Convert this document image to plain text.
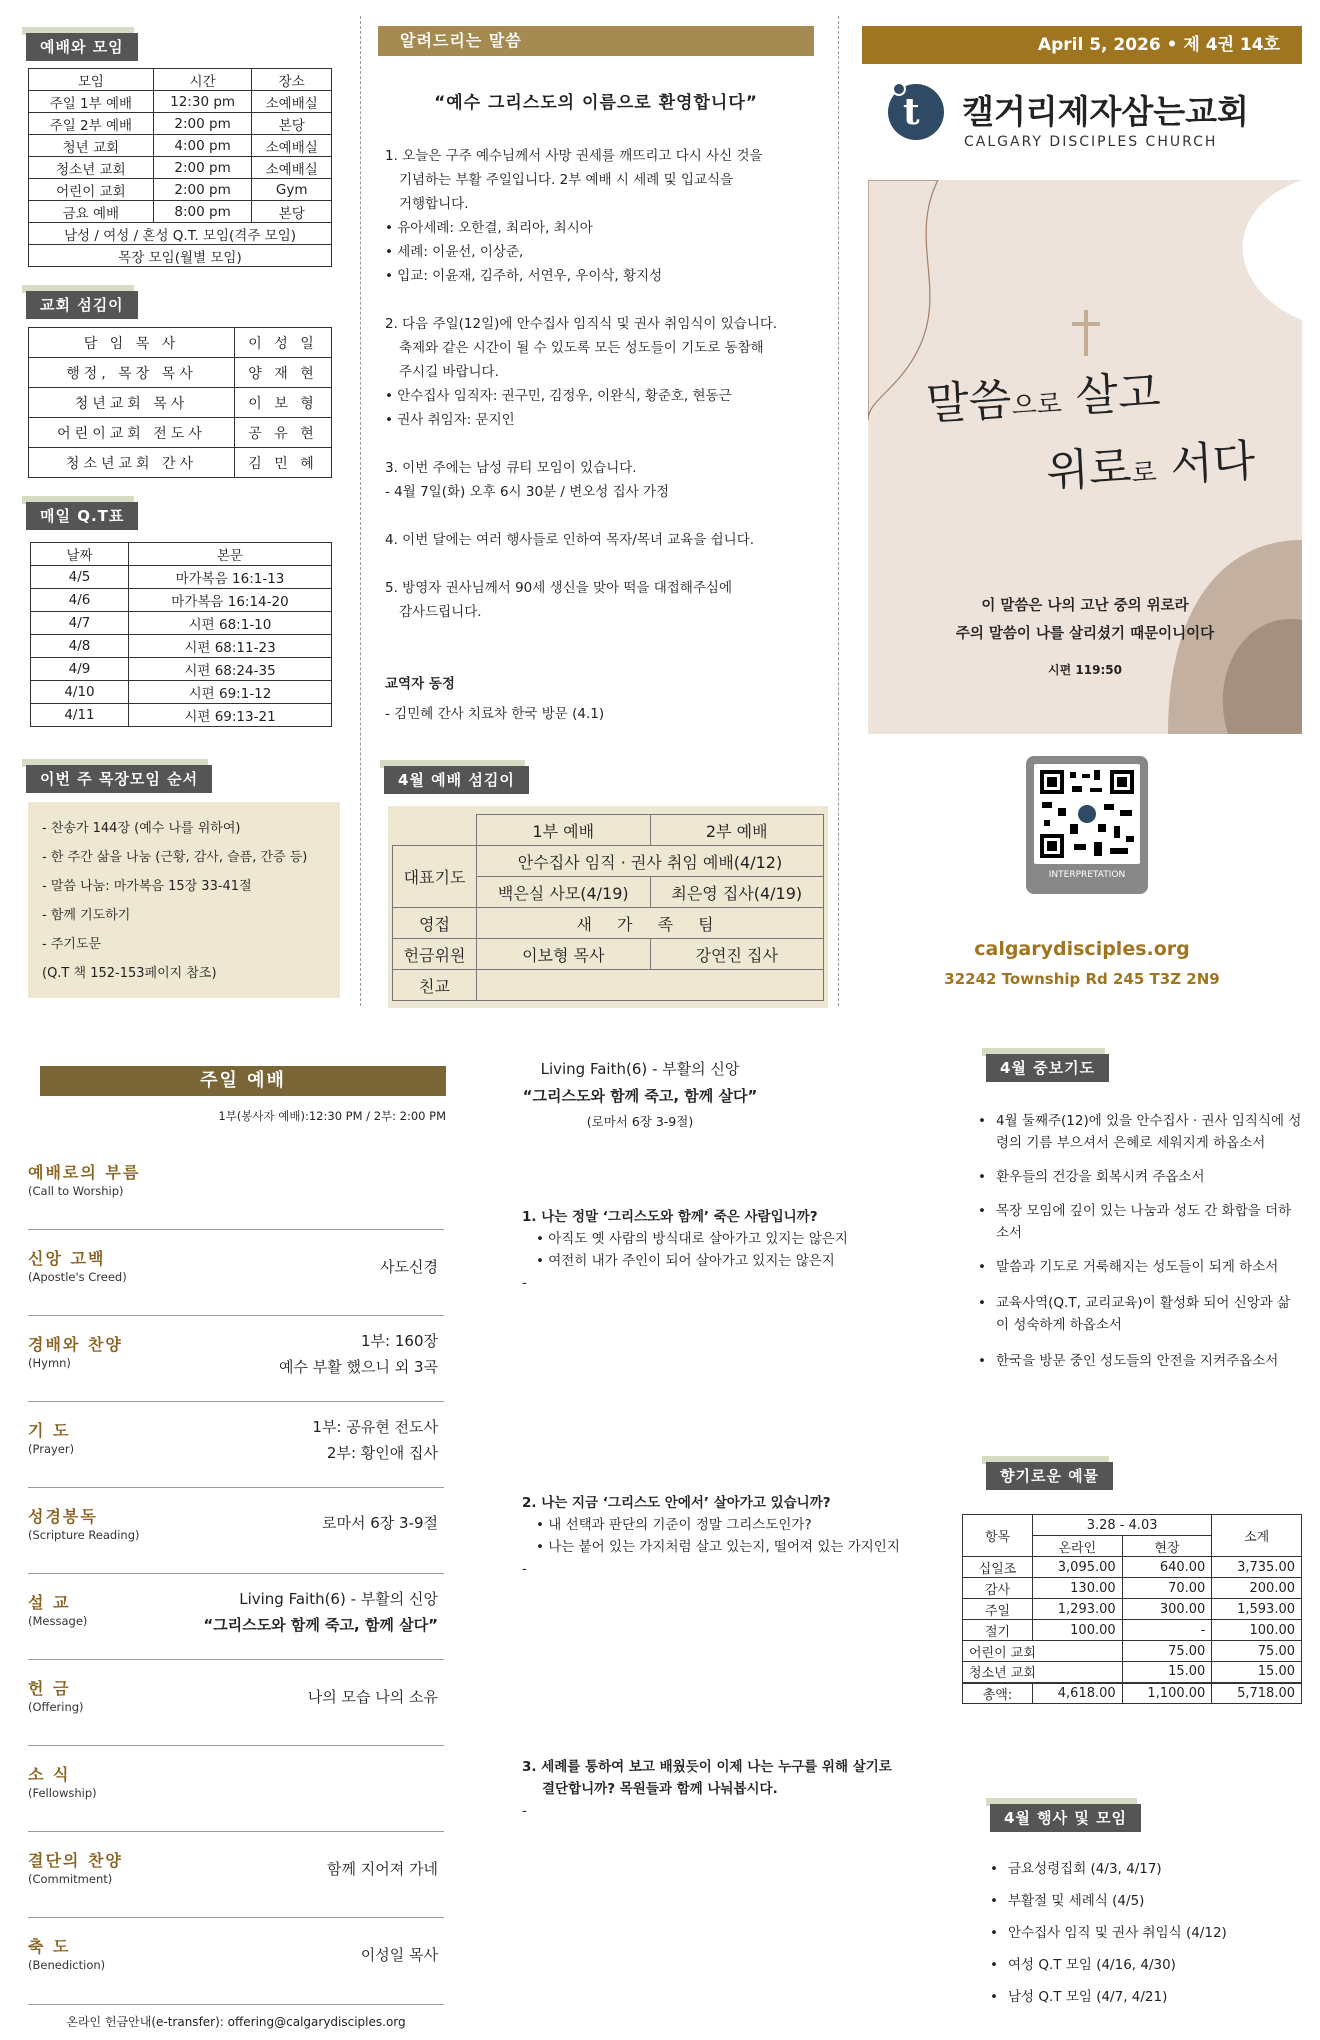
예배와 모임
모임	시간	장소
주일 1부 예배	12:30 pm	소예배실
주일 2부 예배	2:00 pm	본당
청년 교회	4:00 pm	소예배실
청소년 교회	2:00 pm	소예배실
어린이 교회	2:00 pm	Gym
금요 예배	8:00 pm	본당
남성 / 여성 / 혼성 Q.T. 모임(격주 모임)		
목장 모임(월별 모임)		
교회 섬김이
담 임 목 사	이 성 일
행정, 목장 목사	양 재 현
청년교회 목사	이 보 형
어린이교회 전도사	공 유 현
청소년교회 간사	김 민 혜
매일 Q.T표
날짜	본문
4/5	마가복음 16:1-13
4/6	마가복음 16:14-20
4/7	시편 68:1-10
4/8	시편 68:11-23
4/9	시편 68:24-35
4/10	시편 69:1-12
4/11	시편 69:13-21
이번 주 목장모임 순서
- 찬송가 144장 (예수 나를 위하여)
- 한 주간 삶을 나눔 (근황, 감사, 슬픔, 간증 등)
- 말씀 나눔: 마가복음 15장 33-41절
- 함께 기도하기
- 주기도문
(Q.T 책 152-153페이지 참조)
알려드리는 말씀
“예수 그리스도의 이름으로 환영합니다”

1. 오늘은 구주 예수님께서 사망 권세를 깨뜨리고 다시 사신 것을

기념하는 부활 주일입니다. 2부 예배 시 세례 및 입교식을

거행합니다.

• 유아세례: 오한결, 최리아, 최시아

• 세례: 이윤선, 이상준,

• 입교: 이윤재, 김주하, 서연우, 우이삭, 황지성

2. 다음 주일(12일)에 안수집사 임직식 및 권사 취임식이 있습니다.

축제와 같은 시간이 될 수 있도록 모든 성도들이 기도로 동참해

주시길 바랍니다.

• 안수집사 임직자: 권구민, 김정우, 이완식, 황준호, 현동근

• 권사 취임자: 문지인

3. 이번 주에는 남성 큐티 모임이 있습니다.

- 4월 7일(화) 오후 6시 30분 / 변오성 집사 가정

4. 이번 달에는 여러 행사들로 인하여 목자/목녀 교육을 쉽니다.

5. 방영자 권사님께서 90세 생신을 맞아 떡을 대접해주심에

감사드립니다.

교역자 동정

- 김민혜 간사 치료차 한국 방문 (4.1)

4월 예배 섬김이
	1부 예배	2부 예배
대표기도	안수집사 임직 · 권사 취임 예배(4/12)	
	백은실 사모(4/19)	최은영 집사(4/19)
영접	새 가 족 팀	
헌금위원	이보형 목사	강연진 집사
친교		
April 5, 2026 • 제 4권 14호
t 캘거리제자삼는교회
CALGARY DISCIPLES CHURCH
말씀으로 살고
위로로 서다
이 말씀은 나의 고난 중의 위로라
주의 말씀이 나를 살리셨기 때문이니이다
시편 119:50
INTERPRETATION
calgarydisciples.org
32242 Township Rd 245 T3Z 2N9
주일 예배
1부(봉사자 예배):12:30 PM / 2부: 2:00 PM
예배로의 부름
(Call to Worship)
신앙 고백
(Apostle's Creed)
사도신경
경배와 찬양
(Hymn)
1부: 160장
예수 부활 했으니 외 3곡
기 도
(Prayer)
1부: 공유현 전도사
2부: 황인애 집사
성경봉독
(Scripture Reading)
로마서 6장 3-9절
설 교
(Message)
Living Faith(6) - 부활의 신앙
“그리스도와 함께 죽고, 함께 살다”
헌 금
(Offering)
나의 모습 나의 소유
소 식
(Fellowship)
결단의 찬양
(Commitment)
함께 지어져 가네
축 도
(Benediction)
이성일 목사
온라인 헌금안내(e-transfer): offering@calgarydisciples.org
Living Faith(6) - 부활의 신앙
“그리스도와 함께 죽고, 함께 살다”
(로마서 6장 3-9절)
1. 나는 정말 ‘그리스도와 함께’ 죽은 사람입니까?
• 아직도 옛 사람의 방식대로 살아가고 있지는 않은지
• 여전히 내가 주인이 되어 살아가고 있지는 않은지
-
2. 나는 지금 ‘그리스도 안에서’ 살아가고 있습니까?
• 내 선택과 판단의 기준이 정말 그리스도인가?
• 나는 붙어 있는 가지처럼 살고 있는지, 떨어져 있는 가지인지
-
3. 세례를 통하여 보고 배웠듯이 이제 나는 누구를 위해 살기로
결단합니까? 목원들과 함께 나눠봅시다.
-
4월 중보기도
• 4월 둘째주(12)에 있을 안수집사 · 권사 임직식에 성령의 기름 부으셔서 은혜로 세워지게 하옵소서
• 환우들의 건강을 회복시켜 주옵소서
• 목장 모임에 깊이 있는 나눔과 성도 간 화합을 더하소서
• 말씀과 기도로 거룩해지는 성도들이 되게 하소서
• 교육사역(Q.T, 교리교육)이 활성화 되어 신앙과 삶이 성숙하게 하옵소서
• 한국을 방문 중인 성도들의 안전을 지켜주옵소서
향기로운 예물
항목	3.28 - 4.03		소계
	온라인	현장	
십일조	3,095.00	640.00	3,735.00
감사	130.00	70.00	200.00
주일	1,293.00	300.00	1,593.00
절기	100.00	-	100.00
어린이 교회		75.00	75.00
청소년 교회		15.00	15.00
총액:	4,618.00	1,100.00	5,718.00
4월 행사 및 모임
• 금요성령집회 (4/3, 4/17)
• 부활절 및 세례식 (4/5)
• 안수집사 임직 및 권사 취임식 (4/12)
• 여성 Q.T 모임 (4/16, 4/30)
• 남성 Q.T 모임 (4/7, 4/21)
